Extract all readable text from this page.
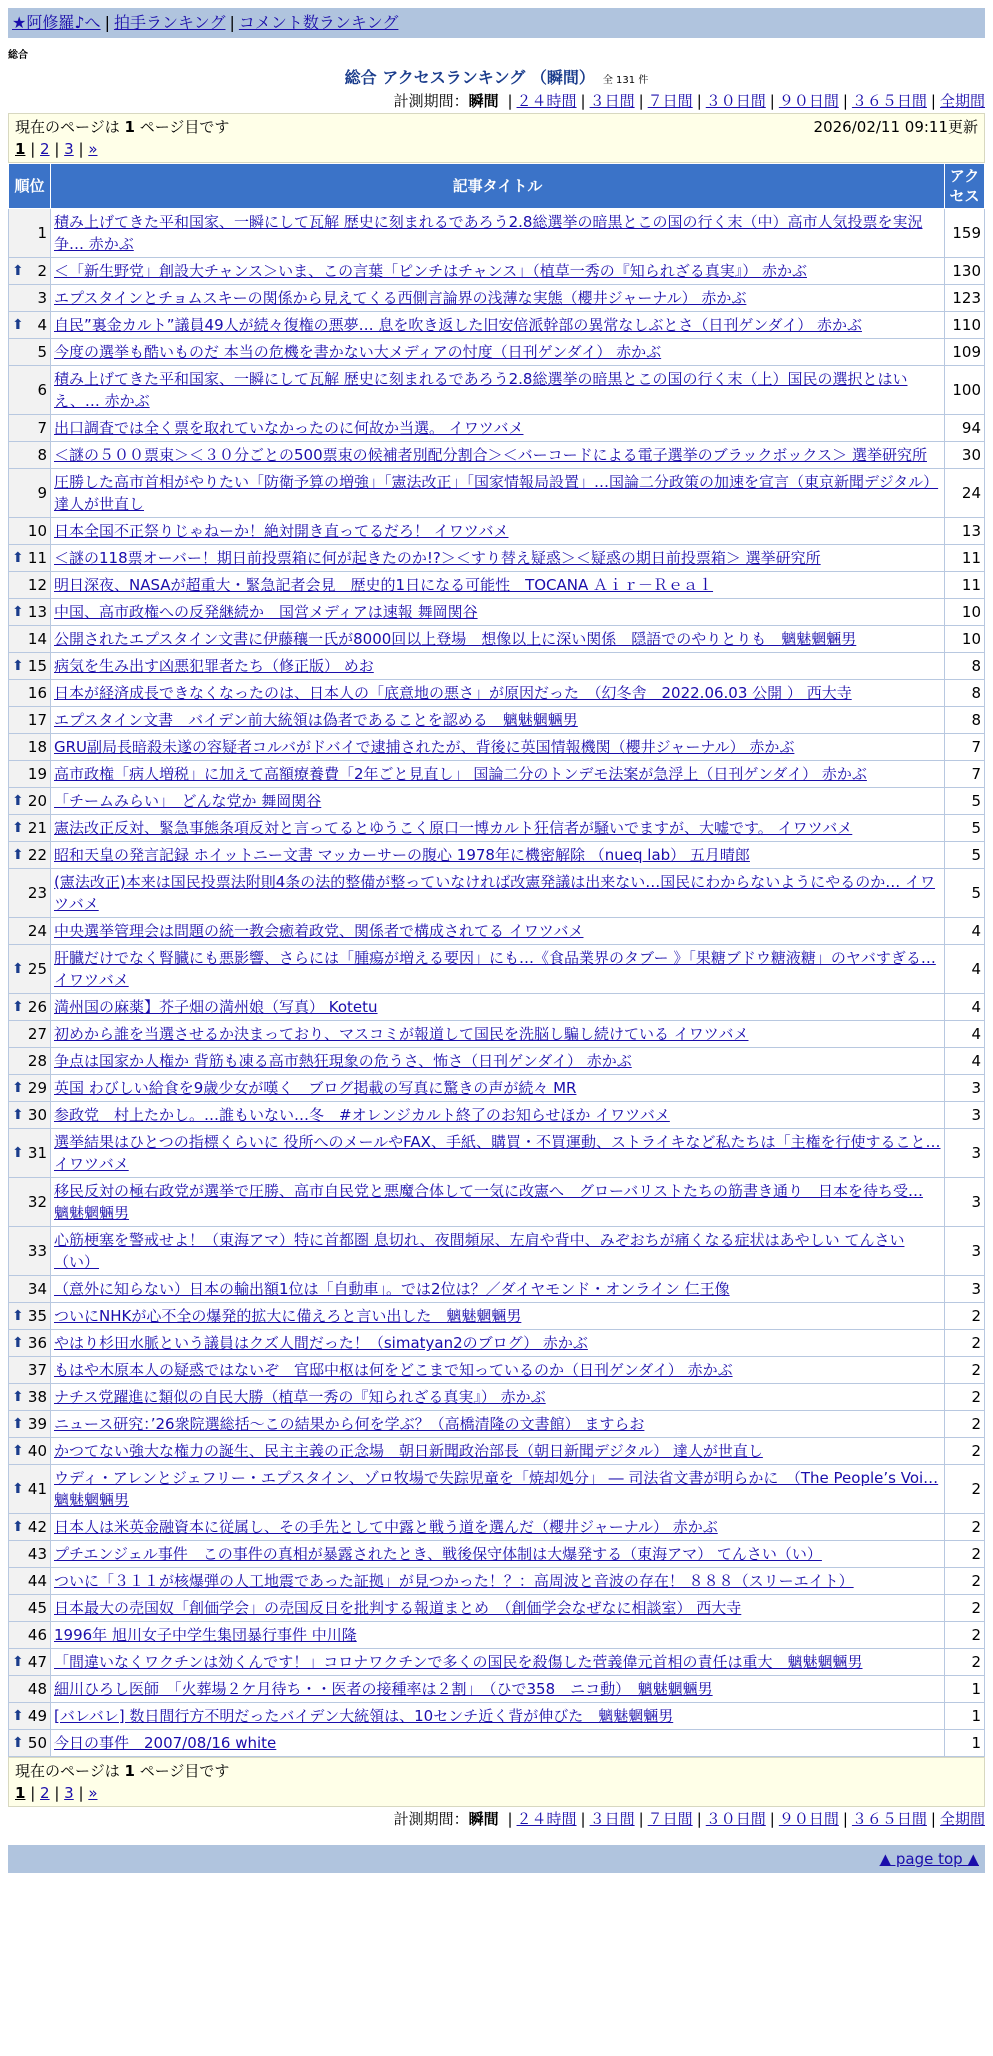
★阿修羅♪へ | 拍手ランキング | コメント数ランキング
総合
総合 アクセスランキング （瞬間） 全 131 件
計測期間：瞬間 | ２４時間 | ３日間 | ７日間 | ３０日間 | ９０日間 | ３６５日間 | 全期間
現在のページは 1 ページ目です	2026/02/11 09:11更新
1 | 2 | 3 | »
順位	記事タイトル	アクセス
1	積み上げてきた平和国家、一瞬にして瓦解 歴史に刻まれるであろう2.8総選挙の暗黒とこの国の行く末（中）高市人気投票を実況争… 赤かぶ	159

⬆ 2	＜「新生野党」創設大チャンス＞いま、この言葉「ピンチはチャンス」（植草一秀の『知られざる真実』） 赤かぶ	130
3	エプスタインとチョムスキーの関係から見えてくる西側言論界の浅薄な実態（櫻井ジャーナル） 赤かぶ	123

⬆ 4	自民”裏金カルト”議員49人が続々復権の悪夢… 息を吹き返した旧安倍派幹部の異常なしぶとさ（日刊ゲンダイ） 赤かぶ	110
5	今度の選挙も酷いものだ 本当の危機を書かない大メディアの忖度（日刊ゲンダイ） 赤かぶ	109
6	積み上げてきた平和国家、一瞬にして瓦解 歴史に刻まれるであろう2.8総選挙の暗黒とこの国の行く末（上）国民の選択とはいえ、… 赤かぶ	100
7	出口調査では全く票を取れていなかったのに何故か当選。 イワツバメ	94
8	＜謎の５００票束＞＜３０分ごとの500票束の候補者別配分割合＞＜バーコードによる電子選挙のブラックボックス＞ 選挙研究所	30
9	圧勝した高市首相がやりたい「防衛予算の増強」「憲法改正」「国家情報局設置」…国論二分政策の加速を宣言（東京新聞デジタル） 達人が世直し	24
10	日本全国不正祭りじゃねーか！絶対開き直ってるだろ！ イワツバメ	13

⬆ 11	＜謎の118票オーバー！期日前投票箱に何が起きたのか!?＞＜すり替え疑惑＞＜疑惑の期日前投票箱＞ 選挙研究所	11
12	明日深夜、NASAが超重大・緊急記者会見　歴史的1日になる可能性　TOCANA Ａｉｒ－Ｒｅａｌ	11

⬆ 13	中国、高市政権への反発継続か　国営メディアは速報 舞岡関谷	10
14	公開されたエプスタイン文書に伊藤穰一氏が8000回以上登場　想像以上に深い関係　隠語でのやりとりも　魑魅魍魎男	10

⬆ 15	病気を生み出す凶悪犯罪者たち（修正版） めお	8
16	日本が経済成長できなくなったのは、日本人の「底意地の悪さ」が原因だった　（幻冬舎　2022.06.03 公開 ） 西大寺	8
17	エプスタイン文書　バイデン前大統領は偽者であることを認める　魑魅魍魎男	8
18	GRU副局長暗殺未遂の容疑者コルバがドバイで逮捕されたが、背後に英国情報機関（櫻井ジャーナル） 赤かぶ	7
19	高市政権「病人増税」に加えて高額療養費「2年ごと見直し」 国論二分のトンデモ法案が急浮上（日刊ゲンダイ） 赤かぶ	7

⬆ 20	「チームみらい」　どんな党か 舞岡関谷	5

⬆ 21	憲法改正反対、緊急事態条項反対と言ってるとゆうこく原口一博カルト狂信者が騒いでますが、大嘘です。 イワツバメ	5

⬆ 22	昭和天皇の発言記録 ホイットニー文書 マッカーサーの腹心 1978年に機密解除 （nueq lab） 五月晴郎	5
23	(憲法改正)本来は国民投票法附則4条の法的整備が整っていなければ改憲発議は出来ない…国民にわからないようにやるのか… イワツバメ	5
24	中央選挙管理会は問題の統一教会癒着政党、関係者で構成されてる イワツバメ	4

⬆ 25	肝臓だけでなく腎臓にも悪影響、さらには「腫瘍が増える要因」にも…《食品業界のタブー 》「果糖ブドウ糖液糖」のヤバすぎる… イワツバメ	4

⬆ 26	満州国の麻薬】芥子畑の満州娘（写真） Kotetu	4
27	初めから誰を当選させるか決まっており、マスコミが報道して国民を洗脳し騙し続けている イワツバメ	4
28	争点は国家か人権か 背筋も凍る高市熱狂現象の危うさ、怖さ（日刊ゲンダイ） 赤かぶ	4

⬆ 29	英国 わびしい給食を9歳少女が嘆く　ブログ掲載の写真に驚きの声が続々 MR	3

⬆ 30	参政党　村上たかし。…誰もいない…冬　#オレンジカルト終了のお知らせほか イワツバメ	3

⬆ 31	選挙結果はひとつの指標くらいに 役所へのメールやFAX、手紙、購買・不買運動、ストライキなど私たちは「主権を行使すること… イワツバメ	3
32	移民反対の極右政党が選挙で圧勝、高市自民党と悪魔合体して一気に改憲へ　グローバリストたちの筋書き通り　日本を待ち受… 魑魅魍魎男	3
33	心筋梗塞を警戒せよ！（東海アマ）特に首都圏 息切れ、夜間頻尿、左肩や背中、みぞおちが痛くなる症状はあやしい てんさい（い）	3
34	（意外に知らない）日本の輸出額1位は「自動車」。では2位は？／ダイヤモンド・オンライン 仁王像	3

⬆ 35	ついにNHKが心不全の爆発的拡大に備えろと言い出した　魑魅魍魎男	2

⬆ 36	やはり杉田水脈という議員はクズ人間だった！（simatyan2のブログ） 赤かぶ	2
37	もはや木原本人の疑惑ではないぞ　官邸中枢は何をどこまで知っているのか（日刊ゲンダイ） 赤かぶ	2

⬆ 38	ナチス党躍進に類似の自民大勝（植草一秀の『知られざる真実』） 赤かぶ	2

⬆ 39	ニュース研究：’26衆院選総括～この結果から何を学ぶ？（高橋清隆の文書館） ますらお	2

⬆ 40	かつてない強大な権力の誕生、民主主義の正念場　朝日新聞政治部長（朝日新聞デジタル） 達人が世直し	2

⬆ 41	ウディ・アレンとジェフリー・エプスタイン、ゾロ牧場で失踪児童を「焼却処分」 ― 司法省文書が明らかに　（The People’s Voi… 魑魅魍魎男	2

⬆ 42	日本人は米英金融資本に従属し、その手先として中露と戦う道を選んだ（櫻井ジャーナル） 赤かぶ	2
43	プチエンジェル事件　この事件の真相が暴露されたとき、戦後保守体制は大爆発する（東海アマ） てんさい（い）	2
44	ついに「３１１が核爆弾の人工地震であった証拠」が見つかった！？：高周波と音波の存在！ ８８８（スリーエイト）	2
45	日本最大の売国奴「創価学会」の売国反日を批判する報道まとめ　（創価学会なぜなに相談室） 西大寺	2
46	1996年 旭川女子中学生集団暴行事件 中川隆	2

⬆ 47	「間違いなくワクチンは効くんです！」コロナワクチンで多くの国民を殺傷した菅義偉元首相の責任は重大　魑魅魍魎男	2
48	細川ひろし医師　「火葬場２ケ月待ち・・医者の接種率は２割」　（ひで358　ニコ動）　魑魅魍魎男	1

⬆ 49	[バレバレ] 数日間行方不明だったバイデン大統領は、10センチ近く背が伸びた　魑魅魍魎男	1

⬆ 50	今日の事件　2007/08/16 white	1
現在のページは 1 ページ目です
1 | 2 | 3 | »
計測期間：瞬間 | ２４時間 | ３日間 | ７日間 | ３０日間 | ９０日間 | ３６５日間 | 全期間
▲ page top ▲
